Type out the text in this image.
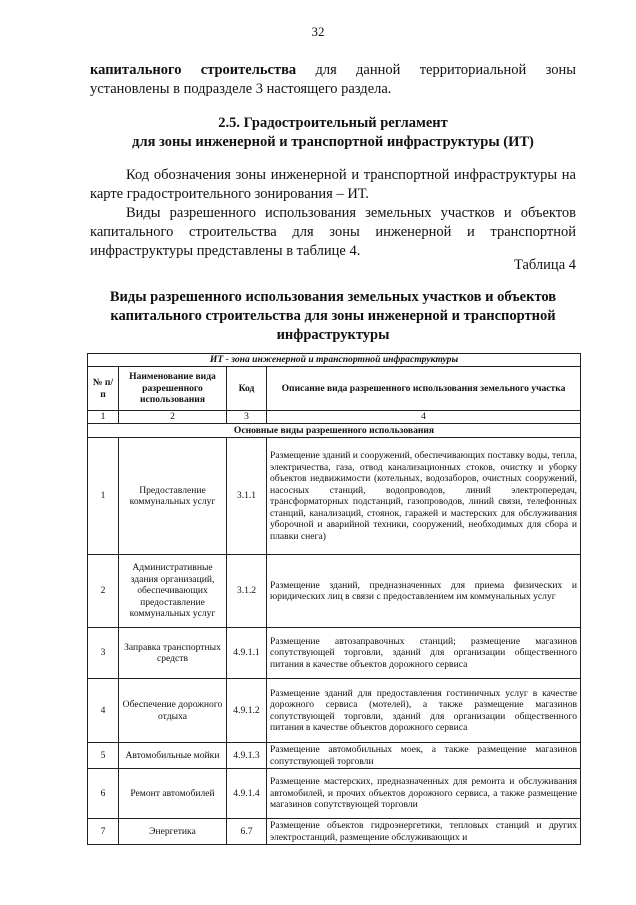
32
капитального строительства для данной территориальной зоны
установлены в подразделе 3 настоящего раздела.
2.5. Градостроительный регламент
для зоны инженерной и транспортной инфраструктуры (ИТ)
Код обозначения зоны инженерной и транспортной инфраструктуры на карте градостроительного зонирования – ИТ.
Виды разрешенного использования земельных участков и объектов капитального строительства для зоны инженерной и транспортной инфраструктуры представлены в таблице 4.
Таблица 4
Виды разрешенного использования земельных участков и объектов капитального строительства для зоны инженерной и транспортной инфраструктуры
ИТ - зона инженерной и транспортной инфраструктуры			
№ п/п	Наименование вида разрешенного использования	Код	Описание вида разрешенного использования земельного участка
1	2	3	4
Основные виды разрешенного использования			
1	Предоставление коммунальных услуг	3.1.1	Размещение зданий и сооружений, обеспечивающих поставку воды, тепла, электричества, газа, отвод канализационных стоков, очистку и уборку объектов недвижимости (котельных, водозаборов, очистных сооружений, насосных станций, водопроводов, линий электропередач, трансформаторных подстанций, газопроводов, линий связи, телефонных станций, канализаций, стоянок, гаражей и мастерских для обслуживания уборочной и аварийной техники, сооружений, необходимых для сбора и плавки снега)
2	Административные здания организаций, обеспечивающих предоставление коммунальных услуг	3.1.2	Размещение зданий, предназначенных для приема физических и юридических лиц в связи с предоставлением им коммунальных услуг
3	Заправка транспортных средств	4.9.1.1	Размещение автозаправочных станций; размещение магазинов сопутствующей торговли, зданий для организации общественного питания в качестве объектов дорожного сервиса
4	Обеспечение дорожного отдыха	4.9.1.2	Размещение зданий для предоставления гостиничных услуг в качестве дорожного сервиса (мотелей), а также размещение магазинов сопутствующей торговли, зданий для организации общественного питания в качестве объектов дорожного сервиса
5	Автомобильные мойки	4.9.1.3	Размещение автомобильных моек, а также размещение магазинов сопутствующей торговли
6	Ремонт автомобилей	4.9.1.4	Размещение мастерских, предназначенных для ремонта и обслуживания автомобилей, и прочих объектов дорожного сервиса, а также размещение магазинов сопутствующей торговли
7	Энергетика	6.7	Размещение объектов гидроэнергетики, тепловых станций и других электростанций, размещение обслуживающих и
